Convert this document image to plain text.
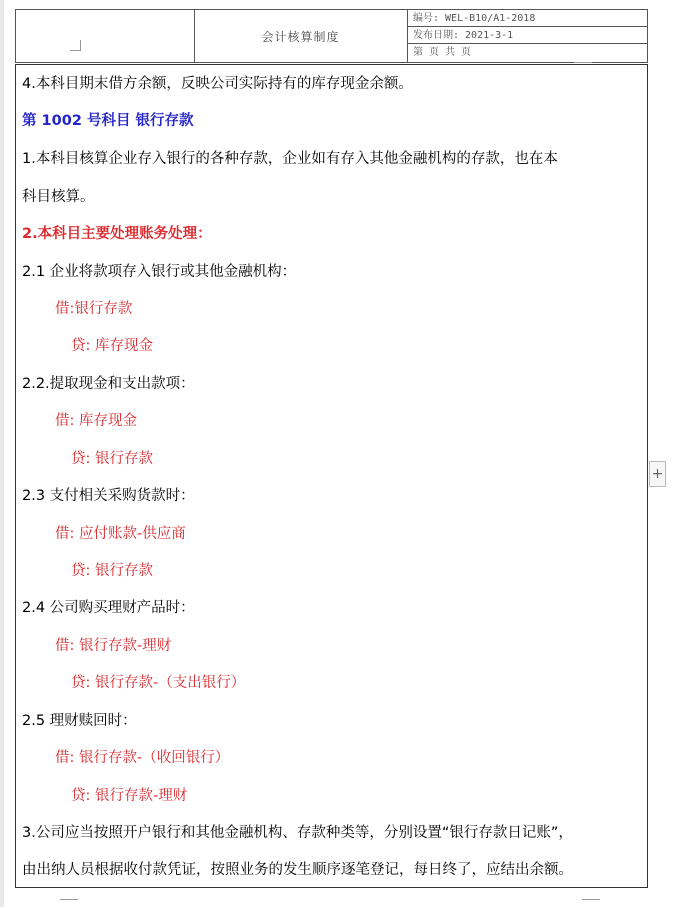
会计核算制度
编号: WEL-B10/A1-2018
发布日期: 2021-3-1
第 页 共 页
4.本科目期末借方余额，反映公司实际持有的库存现金余额。
第 1002 号科目 银行存款
1.本科目核算企业存入银行的各种存款，企业如有存入其他金融机构的存款，也在本
科目核算。
2.本科目主要处理账务处理：
2.1 企业将款项存入银行或其他金融机构：
借:银行存款
贷: 库存现金
2.2.提取现金和支出款项：
借: 库存现金
贷: 银行存款
2.3 支付相关采购货款时：
借: 应付账款-供应商
贷: 银行存款
2.4 公司购买理财产品时：
借: 银行存款-理财
贷: 银行存款-（支出银行）
2.5 理财赎回时：
借: 银行存款-（收回银行）
贷: 银行存款-理财
3.公司应当按照开户银行和其他金融机构、存款种类等，分别设置“银行存款日记账”，
由出纳人员根据收付款凭证，按照业务的发生顺序逐笔登记，每日终了，应结出余额。
+
